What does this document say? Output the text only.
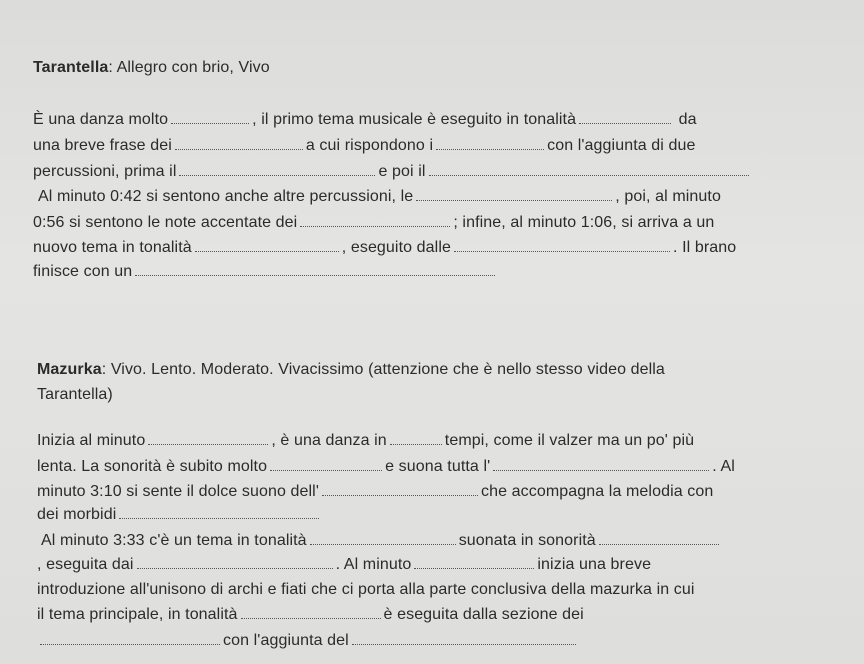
Tarantella: Allegro con brio, Vivo
È una danza molto	, il primo tema musicale è eseguito in tonalità	da
una breve frase dei	a cui rispondono i	con l'aggiunta di due
percussioni, prima il	e poi il
Al minuto 0:42 si sentono anche altre percussioni, le	, poi, al minuto
0:56 si sentono le note accentate dei	; infine, al minuto 1:06, si arriva a un
nuovo tema in tonalità	, eseguito dalle	. Il brano
finisce con un
Mazurka: Vivo. Lento. Moderato. Vivacissimo (attenzione che è nello stesso video della
Tarantella)
Inizia al minuto	, è una danza in	tempi, come il valzer ma un po' più
lenta. La sonorità è subito molto	e suona tutta l'	. Al
minuto 3:10 si sente il dolce suono dell'	che accompagna la melodia con
dei morbidi
Al minuto 3:33 c'è un tema in tonalità	suonata in sonorità
, eseguita dai	. Al minuto	inizia una breve
introduzione all'unisono di archi e fiati che ci porta alla parte conclusiva della mazurka in cui
il tema principale, in tonalità	è eseguita dalla sezione dei
con l'aggiunta del
